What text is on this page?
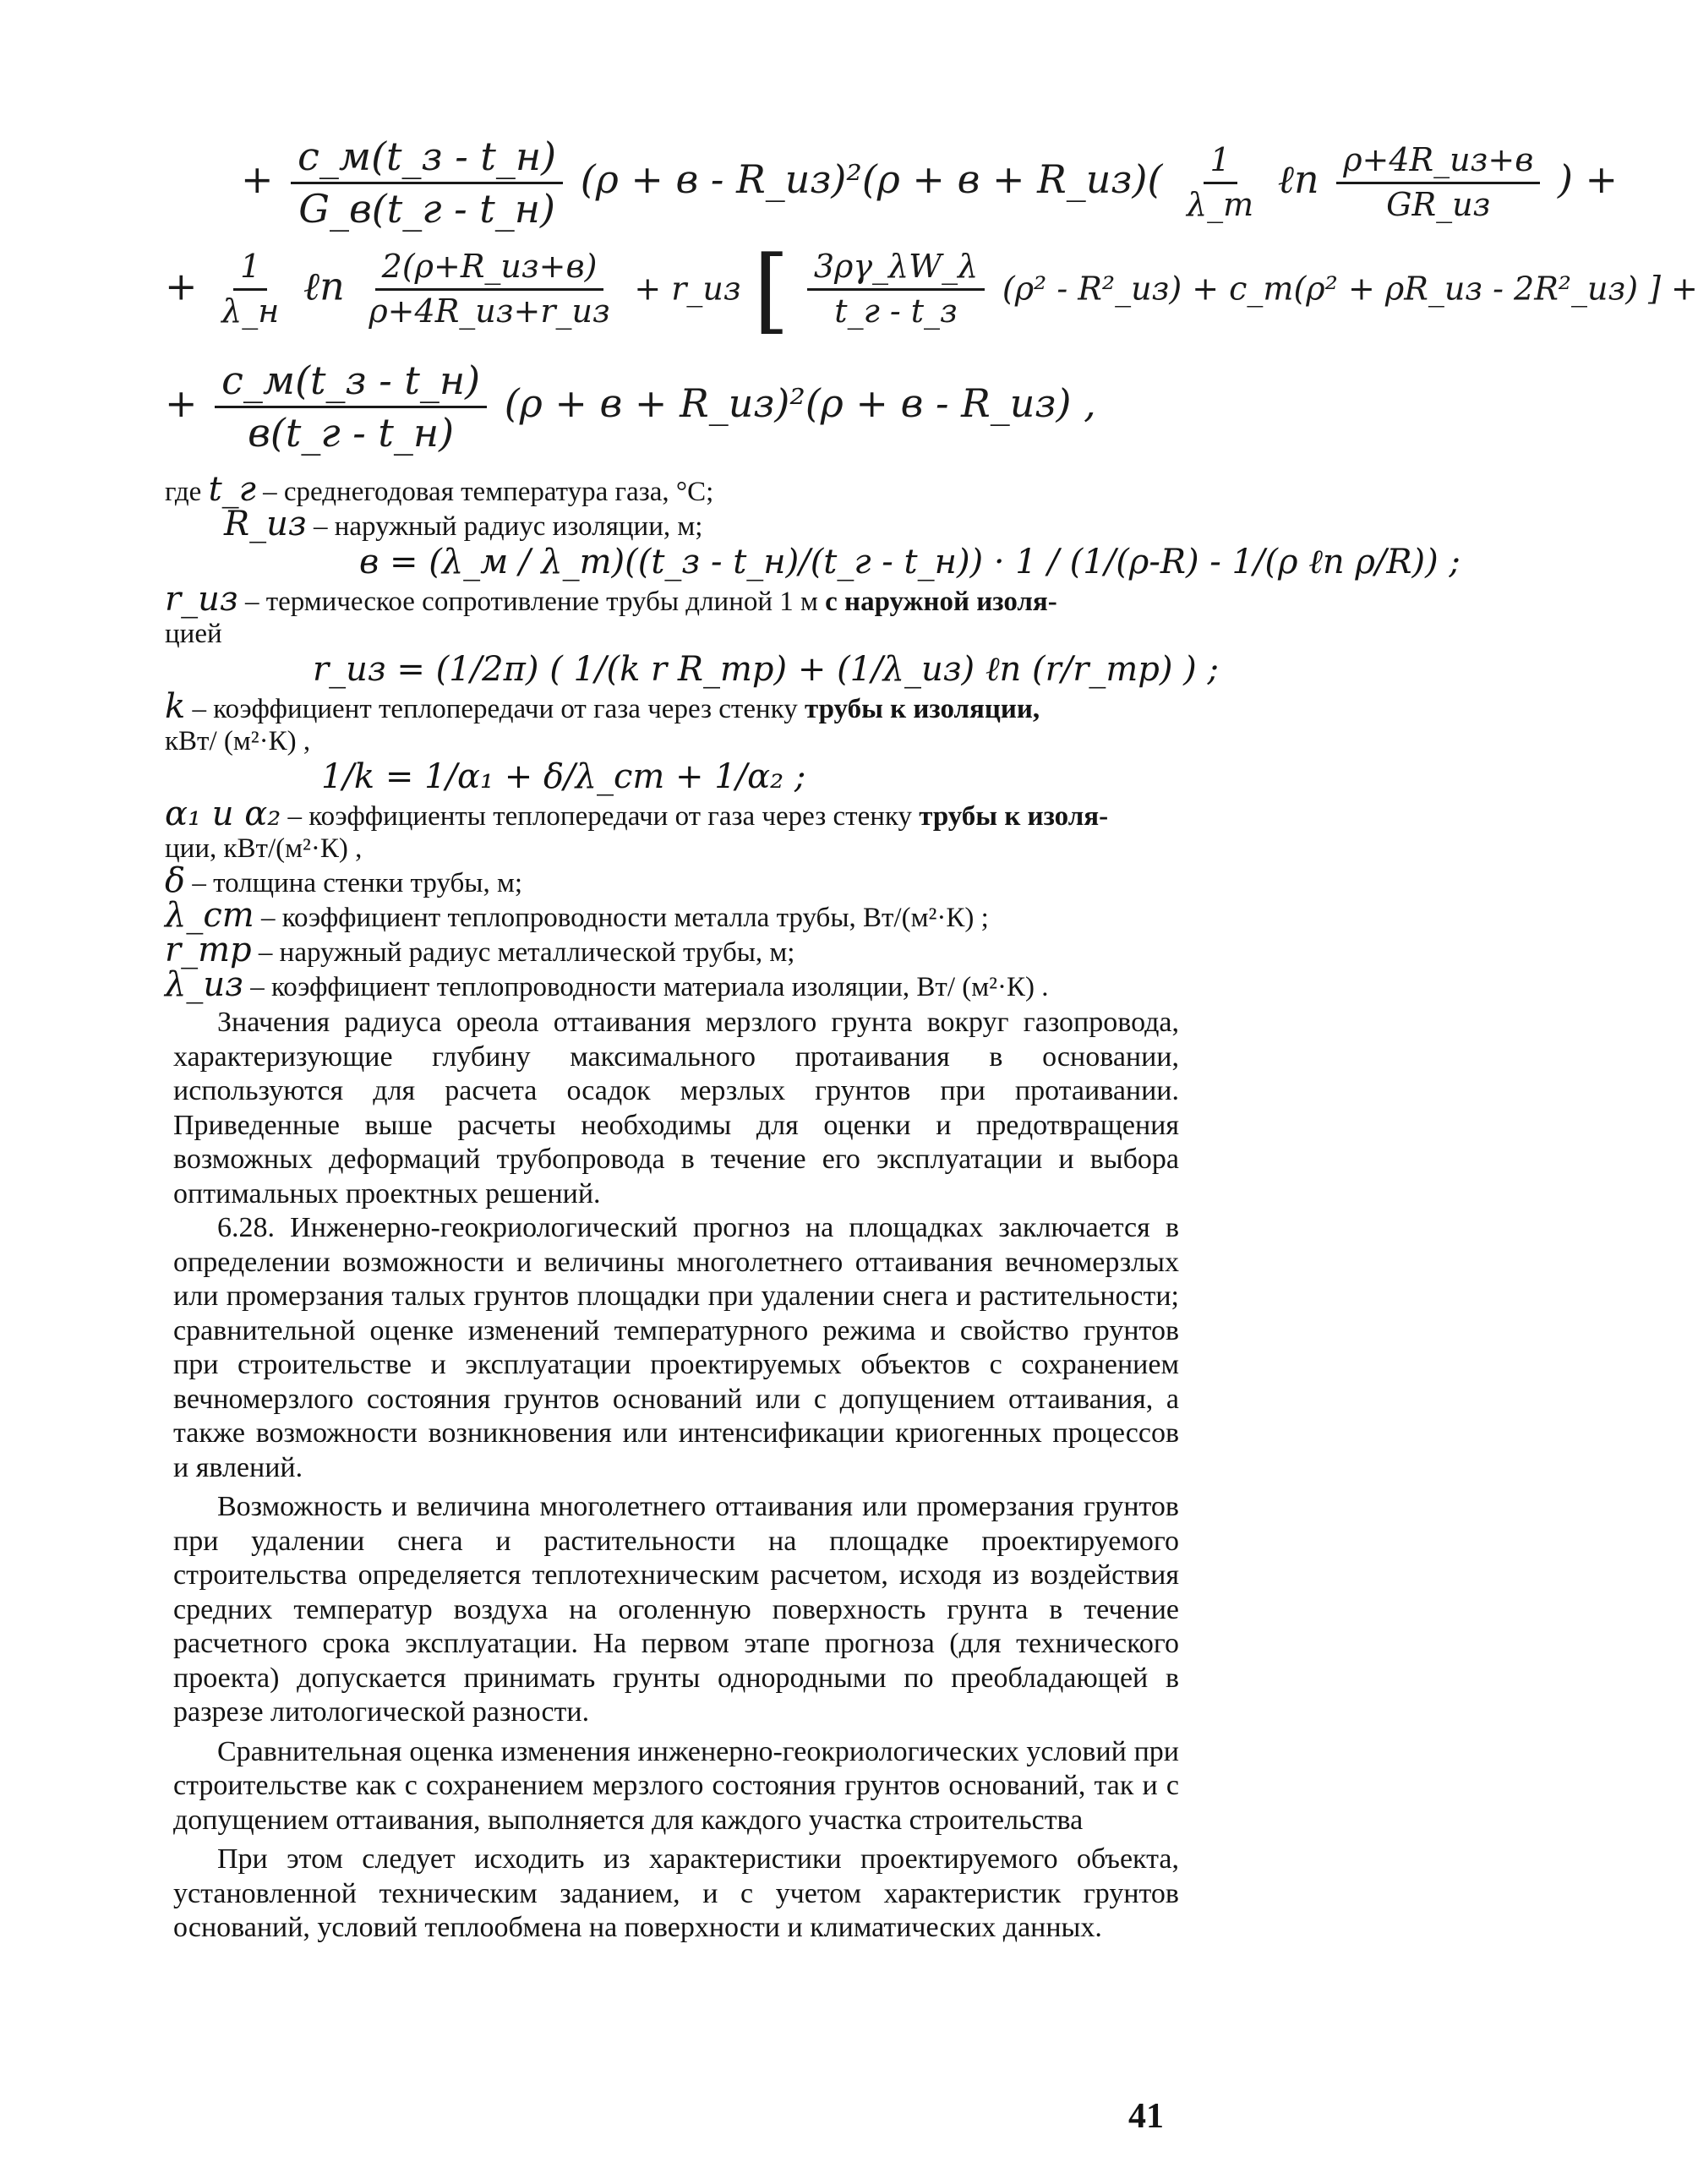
+ $\frac{c\_м(t\_з - t\_н)}{G\_в(t\_г - t\_н)} (\rho + в$ - R_из)²(ρ + в + R_из)( $\frac{1}{\lambda\_т}$ ℓn $\frac{\rho+4R\_из+в}{GR\_из}$ ) +
+ $\frac{1}{\lambda\_н}$ ℓn $\frac{2(\rho+R\_из+в)}{\rho+4R\_из+r\_из}$ + r_из [ $\frac{3\rho\gamma\_\lambda W\_\lambda}{t\_г - t\_з} (\rho^2$ - R²_из) + c_т(ρ² + ρR_из - 2R²_из) ] +
+ $\frac{c\_м(t\_з - t\_н)}{в(t\_г - t\_н)} (\rho + в$ + R_из)²(ρ + в - R_из) ,
где t_г – среднегодовая температура газа, °С;
R_из – наружный радиус изоляции, м;
в = (λ_м / λ_т)((t_з - t_н)/(t_г - t_н)) · 1 / (1/(ρ-R) - 1/(ρ ℓn ρ/R)) ;
r_из – термическое сопротивление трубы длиной 1 м с наружной изоля-
цией
r_из = (1/2π) ( 1/(k r R_тр) + (1/λ_из) ℓn (r/r_тр) ) ;
k – коэффициент теплопередачи от газа через стенку трубы к изоляции,
кВт/ (м²·К) ,
1/k = 1/α₁ + δ/λ_ст + 1/α₂ ;
α₁ и α₂ – коэффициенты теплопередачи от газа через стенку трубы к изоля-
ции, кВт/(м²·К) ,
δ – толщина стенки трубы, м;
λ_ст – коэффициент теплопроводности металла трубы, Вт/(м²·К) ;
r_тр – наружный радиус металлической трубы, м;
λ_из – коэффициент теплопроводности материала изоляции, Вт/ (м²·К) .

Значения радиуса ореола оттаивания мерзлого грунта вокруг газопровода, характеризующие глубину максимального протаивания в основании, используются для расчета осадок мерзлых грунтов при протаивании. Приведенные выше расчеты необходимы для оценки и предотвращения возможных деформаций трубопровода в течение его эксплуатации и выбора оптимальных проектных решений.

6.28. Инженерно-геокриологический прогноз на площадках заключается в определении возможности и величины многолетнего оттаивания вечномерзлых или промерзания талых грунтов площадки при удалении снега и растительности; сравнительной оценке изменений температурного режима и свойство грунтов при строительстве и эксплуатации проектируемых объектов с сохранением вечномерзлого состояния грунтов оснований или с допущением оттаивания, а также возможности возникновения или интенсификации криогенных процессов и явлений.

Возможность и величина многолетнего оттаивания или промерзания грунтов при удалении снега и растительности на площадке проектируемого строительства определяется теплотехническим расчетом, исходя из воздействия средних температур воздуха на оголенную поверхность грунта в течение расчетного срока эксплуатации. На первом этапе прогноза (для технического проекта) допускается принимать грунты однородными по преобладающей в разрезе литологической разности.

Сравнительная оценка изменения инженерно-геокриологических условий при строительстве как с сохранением мерзлого состояния грунтов оснований, так и с допущением оттаивания, выполняется для каждого участка строительства

При этом следует исходить из характеристики проектируемого объекта, установленной техническим заданием, и с учетом характеристик грунтов оснований, условий теплообмена на поверхности и климатических данных.

41
